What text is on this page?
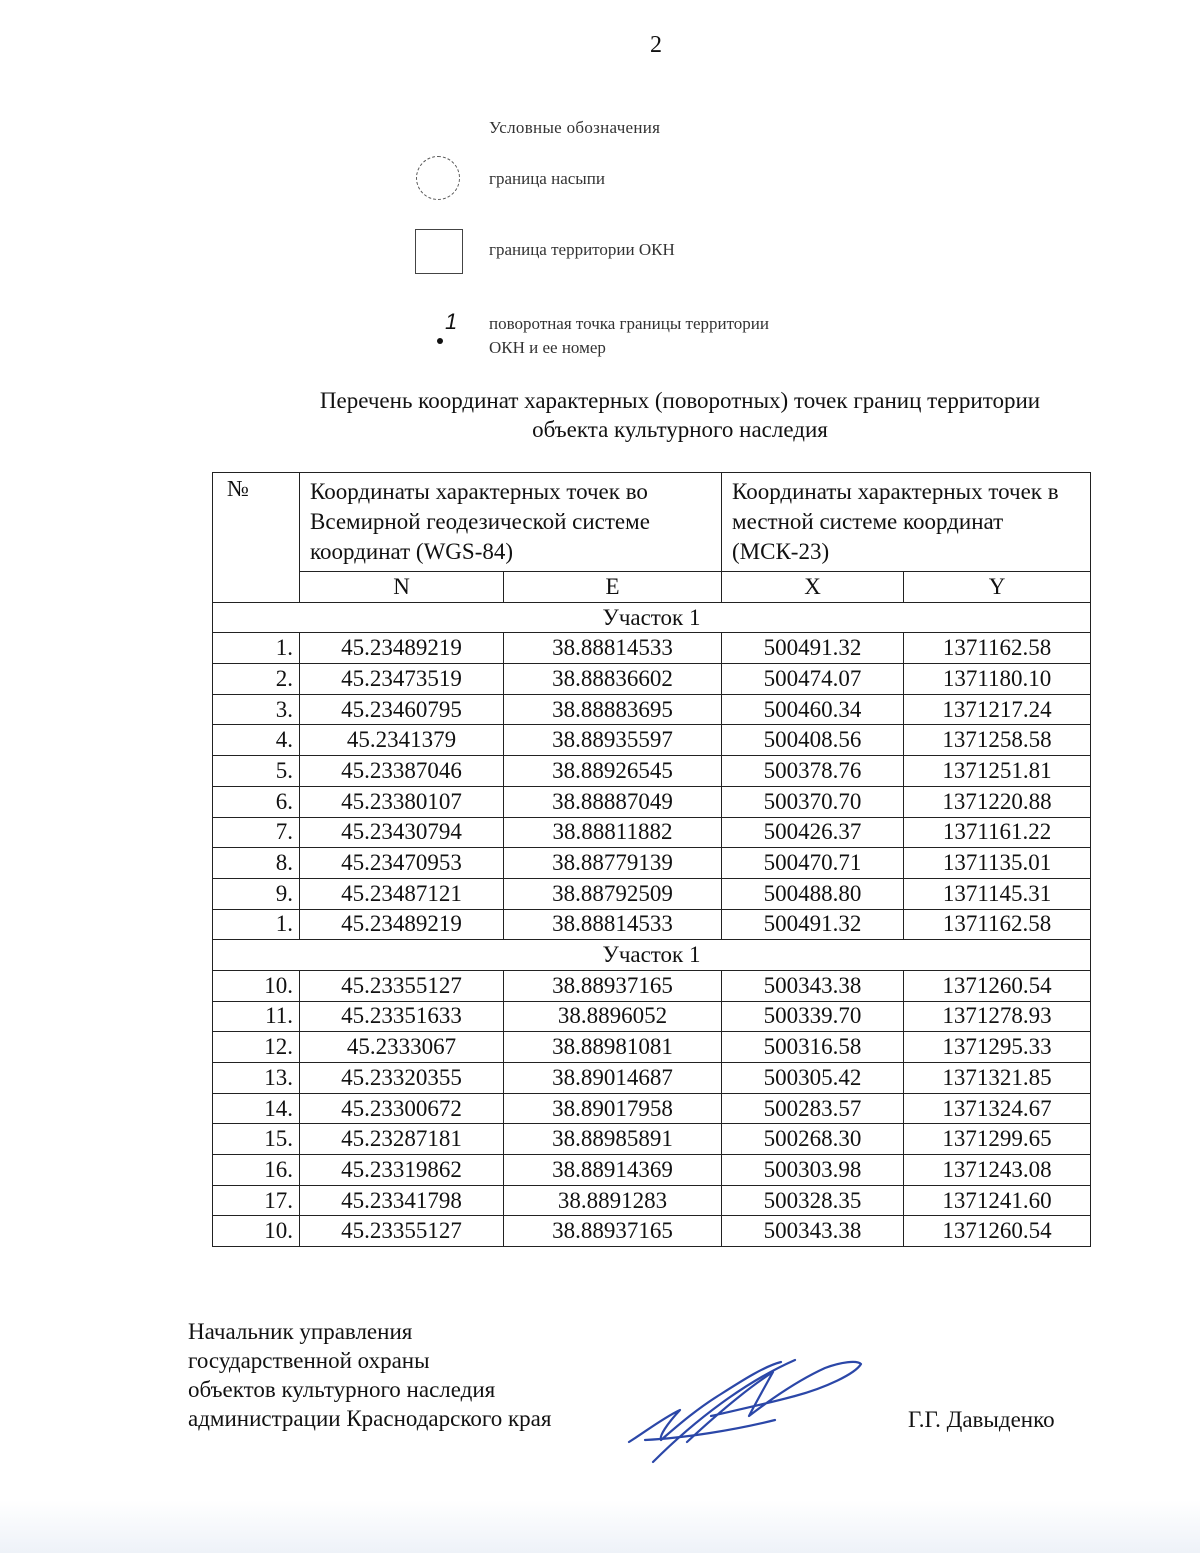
2
Условные обозначения
граница насыпи
граница территории ОКН
1 поворотная точка границы территории
ОКН и ее номер
Перечень координат характерных (поворотных) точек границ территории
объекта культурного наследия
№	Координаты характерных точек во Всемирной геодезической системе координат (WGS-84)		Координаты характерных точек в местной системе координат (МСК-23)	
	N	E	X	Y
Участок 1				
1.	45.23489219	38.88814533	500491.32	1371162.58
2.	45.23473519	38.88836602	500474.07	1371180.10
3.	45.23460795	38.88883695	500460.34	1371217.24
4.	45.2341379	38.88935597	500408.56	1371258.58
5.	45.23387046	38.88926545	500378.76	1371251.81
6.	45.23380107	38.88887049	500370.70	1371220.88
7.	45.23430794	38.88811882	500426.37	1371161.22
8.	45.23470953	38.88779139	500470.71	1371135.01
9.	45.23487121	38.88792509	500488.80	1371145.31
1.	45.23489219	38.88814533	500491.32	1371162.58
Участок 1				
10.	45.23355127	38.88937165	500343.38	1371260.54
11.	45.23351633	38.8896052	500339.70	1371278.93
12.	45.2333067	38.88981081	500316.58	1371295.33
13.	45.23320355	38.89014687	500305.42	1371321.85
14.	45.23300672	38.89017958	500283.57	1371324.67
15.	45.23287181	38.88985891	500268.30	1371299.65
16.	45.23319862	38.88914369	500303.98	1371243.08
17.	45.23341798	38.8891283	500328.35	1371241.60
10.	45.23355127	38.88937165	500343.38	1371260.54
Начальник управления
государственной охраны
объектов культурного наследия
администрации Краснодарского края	Г.Г. Давыденко
